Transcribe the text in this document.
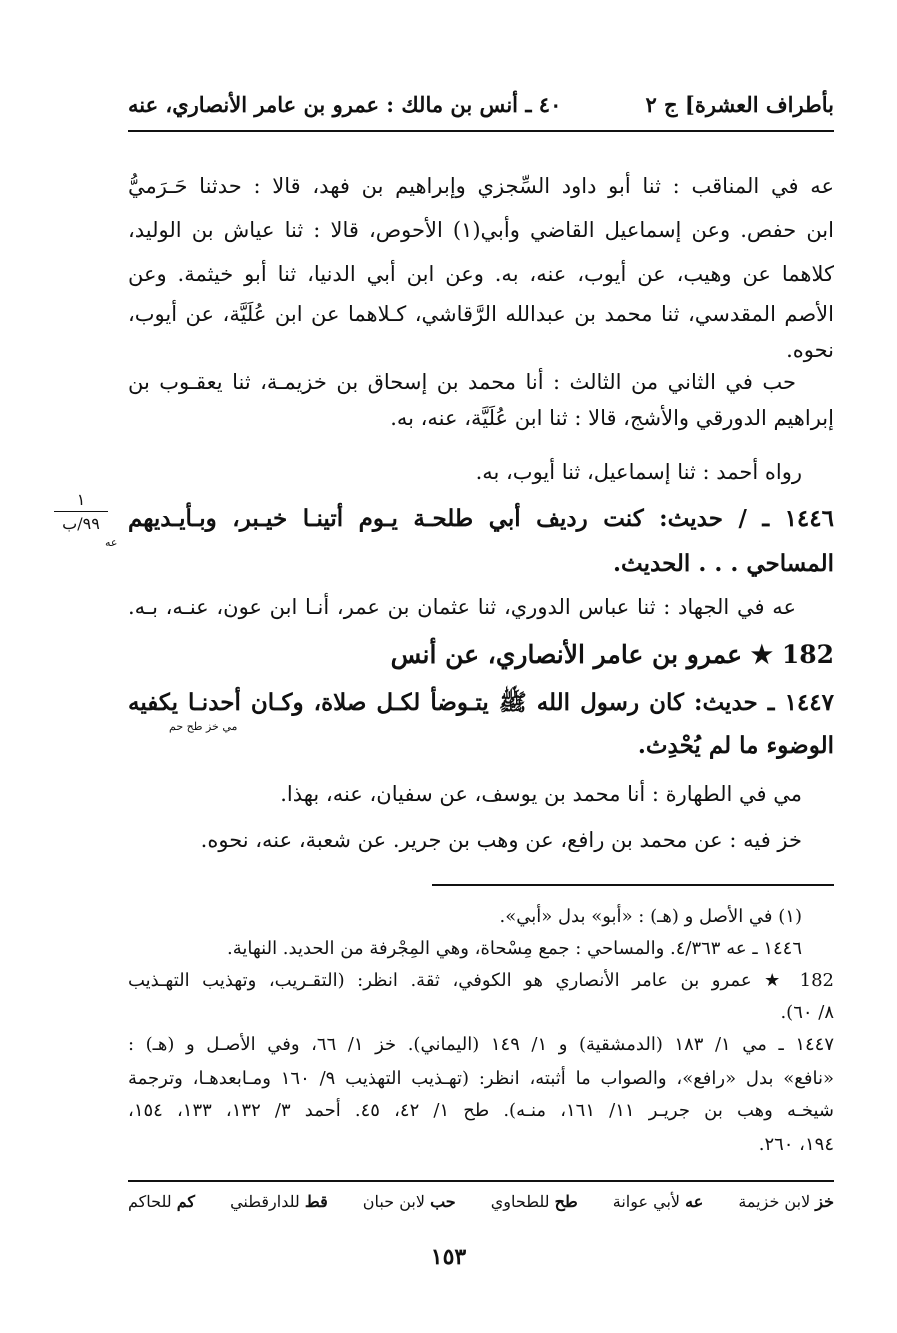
بأطراف العشرة] ج ٢
٤٠ ـ أنس بن مالك : عمرو بن عامر الأنصاري، عنه
عه في المناقب : ثنا أبو داود السِّجزي وإبراهيم بن فهد، قالا : حدثنا حَـرَميُّ
ابن حفص. وعن إسماعيل القاضي وأبي(١) الأحوص، قالا : ثنا عياش بن الوليد،
كلاهما عن وهيب، عن أيوب، عنه، به. وعن ابن أبي الدنيا، ثنا أبو خيثمة. وعن
الأصم المقدسي، ثنا محمد بن عبدالله الرَّقاشي، كـلاهما عن ابن عُلَيَّة، عن أيوب،
نحوه.
حب في الثاني من الثالث : أنا محمد بن إسحاق بن خزيمـة، ثنا يعقـوب بن
إبراهيم الدورقي والأشج، قالا : ثنا ابن عُلَيَّة، عنه، به.
رواه أحمد : ثنا إسماعيل، ثنا أيوب، به.
١٤٤٦ ـ / حديث: كنت رديف أبي طلحـة يـوم أتينـا خيـبر، وبـأيـديهم
المساحي . . . الحديث.
عه في الجهاد : ثنا عباس الدوري، ثنا عثمان بن عمر، أنـا ابن عون، عنـه، بـه.
182 ★ عمرو بن عامر الأنصاري، عن أنس
١٤٤٧ ـ حديث: كان رسول الله ﷺ يتـوضأ لكـل صلاة، وكـان أحدنـا يكفيه
الوضوء ما لم يُحْدِث.
مي في الطهارة : أنا محمد بن يوسف، عن سفيان، عنه، بهذا.
خز فيه : عن محمد بن رافع، عن وهب بن جرير. عن شعبة، عنه، نحوه.
عه
مي خز طح حم
١
٩٩/ب
(١) في الأصل و (هـ) : «أبو» بدل «أبي».
١٤٤٦ ـ عه ٤/٣٦٣. والمساحي : جمع مِسْحاة، وهي المِجْرفة من الحديد. النهاية.
182 ★ عمرو بن عامر الأنصاري هو الكوفي، ثقة. انظر: (التقـريب، وتهذيب التهـذيب
٨/ ٦٠).
١٤٤٧ ـ مي ١/ ١٨٣ (الدمشقية) و ١/ ١٤٩ (اليماني). خز ١/ ٦٦، وفي الأصـل و (هـ) :
«نافع» بدل «رافع»، والصواب ما أثبته، انظر: (تهـذيب التهذيب ٩/ ١٦٠ ومـابعدهـا، وترجمة
شيخـه وهب بن جريـر ١١/ ١٦١، منـه). طح ١/ ٤٢، ٤٥. أحمد ٣/ ١٣٢، ١٣٣، ١٥٤،
١٩٤، ٢٦٠.
خز لابن خزيمة
عه لأبي عوانة
طح للطحاوي
حب لابن حبان
قط للدارقطني
كم للحاكم
١٥٣
